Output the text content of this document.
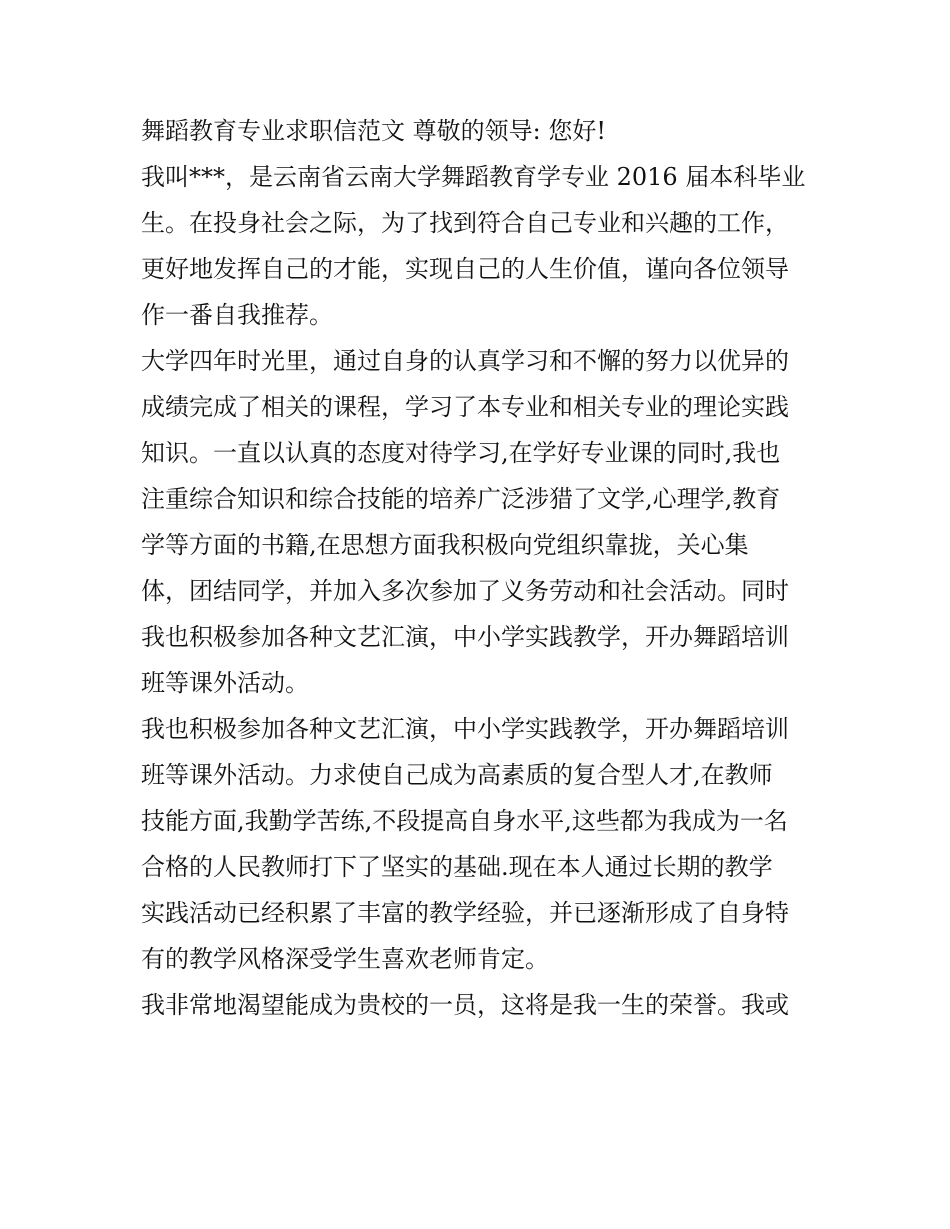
舞蹈教育专业求职信范文 尊敬的领导: 您好!
我叫***，是云南省云南大学舞蹈教育学专业 2016 届本科毕业
生。在投身社会之际，为了找到符合自己专业和兴趣的工作，
更好地发挥自己的才能，实现自己的人生价值，谨向各位领导
作一番自我推荐。
大学四年时光里，通过自身的认真学习和不懈的努力以优异的
成绩完成了相关的课程，学习了本专业和相关专业的理论实践
知识。一直以认真的态度对待学习,在学好专业课的同时,我也
注重综合知识和综合技能的培养广泛涉猎了文学,心理学,教育
学等方面的书籍,在思想方面我积极向党组织靠拢，关心集
体，团结同学，并加入多次参加了义务劳动和社会活动。同时
我也积极参加各种文艺汇演，中小学实践教学，开办舞蹈培训
班等课外活动。
我也积极参加各种文艺汇演，中小学实践教学，开办舞蹈培训
班等课外活动。力求使自己成为高素质的复合型人才,在教师
技能方面,我勤学苦练,不段提高自身水平,这些都为我成为一名
合格的人民教师打下了坚实的基础.现在本人通过长期的教学
实践活动已经积累了丰富的教学经验，并已逐渐形成了自身特
有的教学风格深受学生喜欢老师肯定。
我非常地渴望能成为贵校的一员，这将是我一生的荣誉。我或
